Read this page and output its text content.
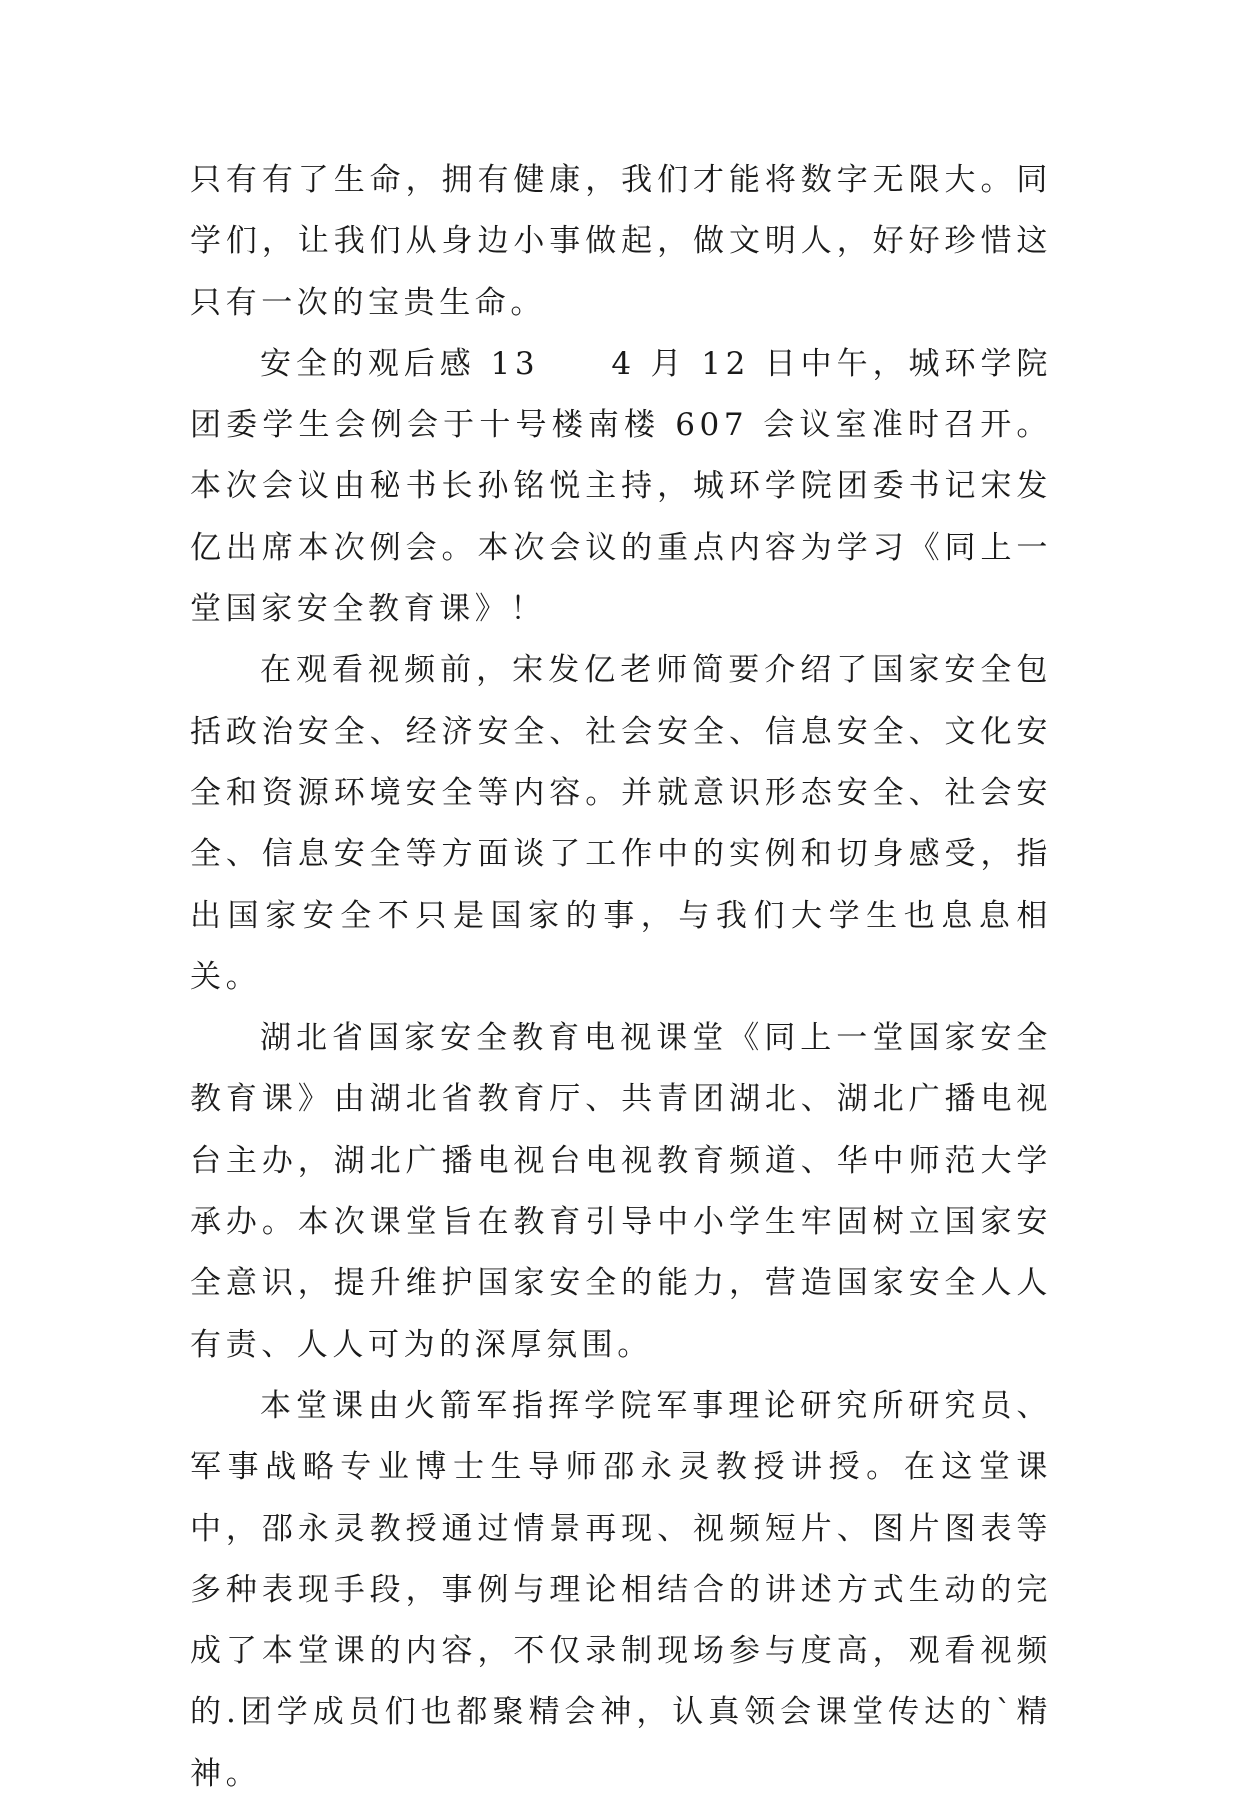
只有有了生命，拥有健康，我们才能将数字无限大。同学们，让我们从身边小事做起，做文明人，好好珍惜这只有一次的宝贵生命。

安全的观后感 13　　4 月 12 日中午，城环学院团委学生会例会于十号楼南楼 607 会议室准时召开。本次会议由秘书长孙铭悦主持，城环学院团委书记宋发亿出席本次例会。本次会议的重点内容为学习《同上一堂国家安全教育课》！

在观看视频前，宋发亿老师简要介绍了国家安全包括政治安全、经济安全、社会安全、信息安全、文化安全和资源环境安全等内容。并就意识形态安全、社会安全、信息安全等方面谈了工作中的实例和切身感受，指出国家安全不只是国家的事，与我们大学生也息息相关。

湖北省国家安全教育电视课堂《同上一堂国家安全教育课》由湖北省教育厅、共青团湖北、湖北广播电视台主办，湖北广播电视台电视教育频道、华中师范大学承办。本次课堂旨在教育引导中小学生牢固树立国家安全意识，提升维护国家安全的能力，营造国家安全人人有责、人人可为的深厚氛围。

本堂课由火箭军指挥学院军事理论研究所研究员、军事战略专业博士生导师邵永灵教授讲授。在这堂课中，邵永灵教授通过情景再现、视频短片、图片图表等多种表现手段，事例与理论相结合的讲述方式生动的完成了本堂课的内容，不仅录制现场参与度高，观看视频的.团学成员们也都聚精会神，认真领会课堂传达的`精神。
